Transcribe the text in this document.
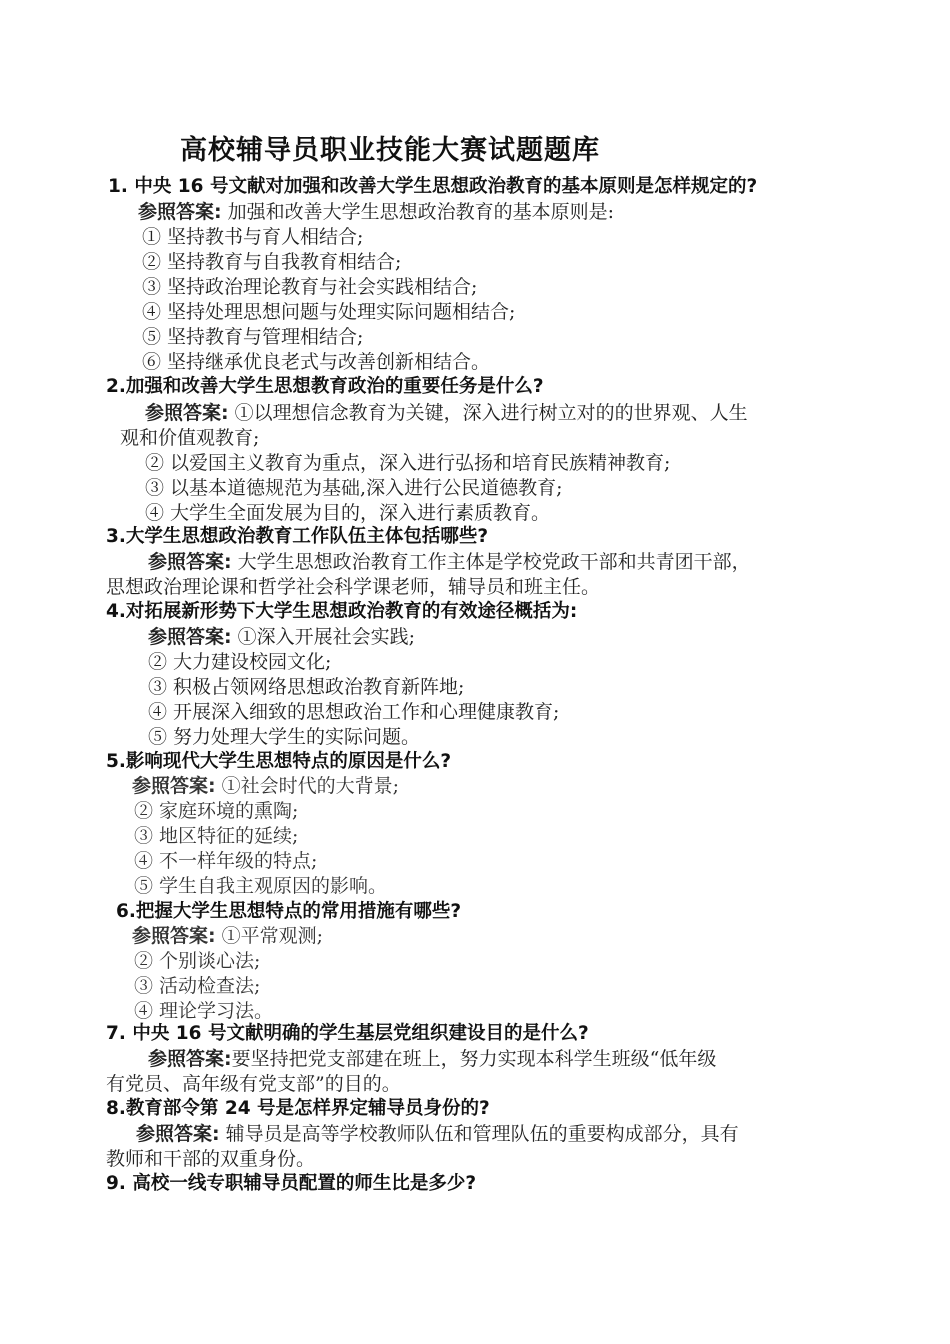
高校辅导员职业技能大赛试题题库
1. 中央 16 号文献对加强和改善大学生思想政治教育的基本原则是怎样规定的?
参照答案: 加强和改善大学生思想政治教育的基本原则是:
① 坚持教书与育人相结合;
② 坚持教育与自我教育相结合;
③ 坚持政治理论教育与社会实践相结合;
④ 坚持处理思想问题与处理实际问题相结合;
⑤ 坚持教育与管理相结合;
⑥ 坚持继承优良老式与改善创新相结合。
2.加强和改善大学生思想教育政治的重要任务是什么?
参照答案: ①以理想信念教育为关键，深入进行树立对的的世界观、人生
观和价值观教育;
② 以爱国主义教育为重点，深入进行弘扬和培育民族精神教育;
③ 以基本道德规范为基础,深入进行公民道德教育;
④ 大学生全面发展为目的，深入进行素质教育。
3.大学生思想政治教育工作队伍主体包括哪些?
参照答案: 大学生思想政治教育工作主体是学校党政干部和共青团干部，
思想政治理论课和哲学社会科学课老师，辅导员和班主任。
4.对拓展新形势下大学生思想政治教育的有效途径概括为:
参照答案: ①深入开展社会实践;
② 大力建设校园文化;
③ 积极占领网络思想政治教育新阵地;
④ 开展深入细致的思想政治工作和心理健康教育;
⑤ 努力处理大学生的实际问题。
5.影响现代大学生思想特点的原因是什么?
参照答案: ①社会时代的大背景;
② 家庭环境的熏陶;
③ 地区特征的延续;
④ 不一样年级的特点;
⑤ 学生自我主观原因的影响。
6.把握大学生思想特点的常用措施有哪些?
参照答案: ①平常观测;
② 个别谈心法;
③ 活动检查法;
④ 理论学习法。
7. 中央 16 号文献明确的学生基层党组织建设目的是什么?
参照答案:要坚持把党支部建在班上，努力实现本科学生班级“低年级
有党员、高年级有党支部”的目的。
8.教育部令第 24 号是怎样界定辅导员身份的?
参照答案: 辅导员是高等学校教师队伍和管理队伍的重要构成部分，具有
教师和干部的双重身份。
9. 高校一线专职辅导员配置的师生比是多少?
